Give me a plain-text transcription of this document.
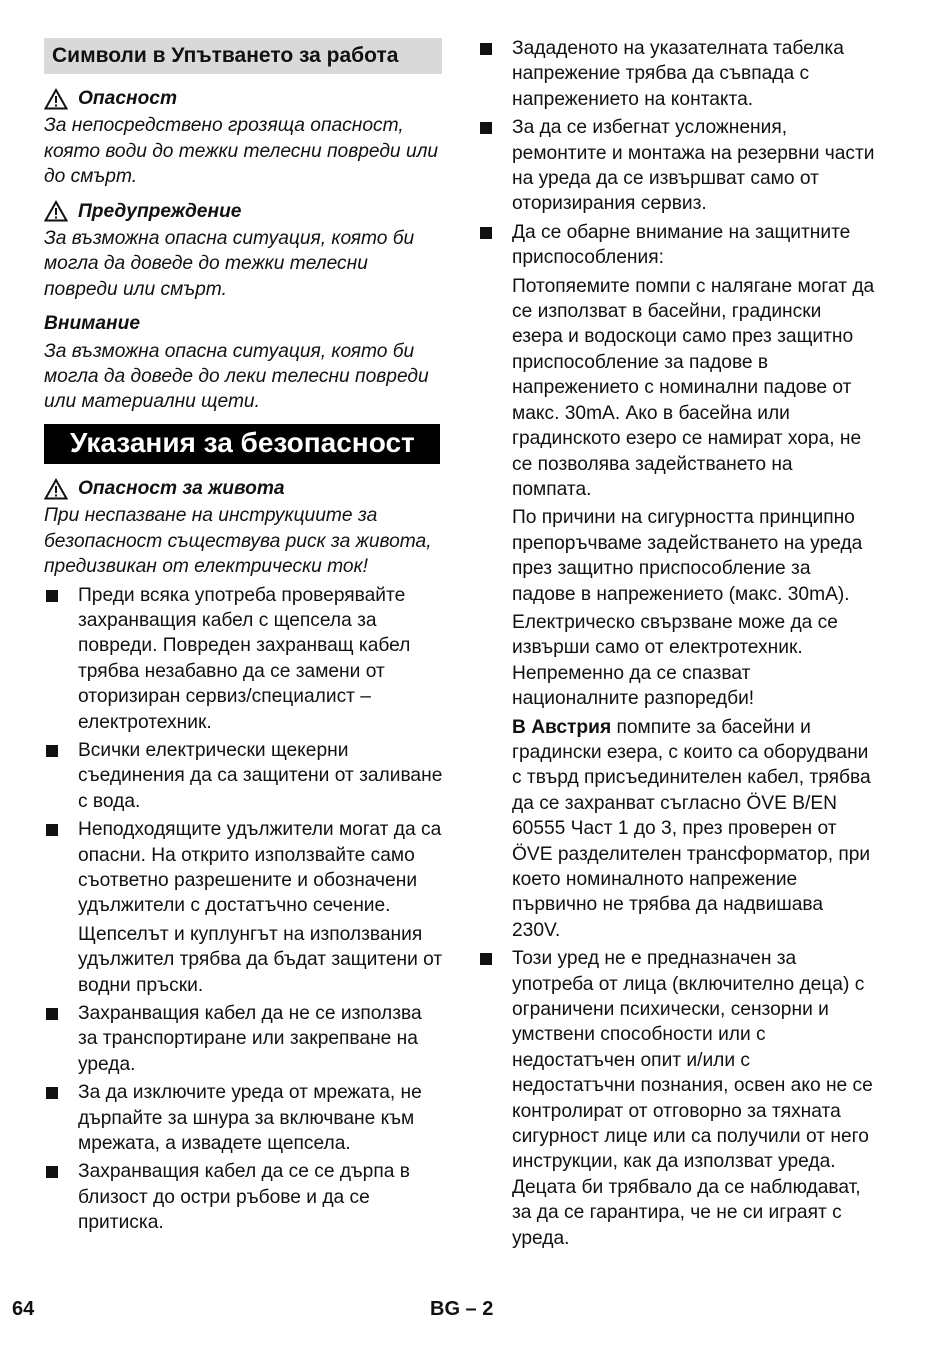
Символи в Упътването за работа
Опасност

За непосредствено грозяща опасност, която води до тежки телесни повреди или до смърт.

Предупреждение

За възможна опасна ситуация, която би могла да доведе до тежки телесни повреди или смърт.

Внимание

За възможна опасна ситуация, която би могла да доведе до леки телесни повреди или материални щети.

Указания за безопасност
Опасност за живота

При неспазване на инструкциите за безопасност съществува риск за живота, предизвикан от електрически ток!

Преди всяка употреба проверявайте захранващия кабел с щепсела за повреди. Повреден захранващ кабел трябва незабавно да се замени от оторизиран сервиз/специалист – електротехник.
Всички електрически щекерни съединения да са защитени от заливане с вода.
Неподходящите удължители могат да са опасни. На открито използвайте само съответно разрешените и обозначени удължители с достатъчно сечение.

Щепселът и куплунгът на използвания удължител трябва да бъдат защитени от водни пръски.

Захранващия кабел да не се използва за транспортиране или закрепване на уреда.
За да изключите уреда от мрежата, не дърпайте за шнура за включване към мрежата, а извадете щепсела.
Захранващия кабел да се се дърпа в близост до остри ръбове и да се притиска.
Зададеното на указателната табелка напрежение трябва да съвпада с напрежението на контакта.
За да се избегнат усложнения, ремонтите и монтажа на резервни части на уреда да се извършват само от оторизирания сервиз.
Да се обарне внимание на защитните приспособления:

Потопяемите помпи с налягане могат да се използват в басейни, градински езера и водоскоци само през защитно приспособление за падове в напрежението с номинални падове от макс. 30mA. Ако в басейна или градинското езеро се намират хора, не се позволява задействането на помпата.

По причини на сигурността принципно препоръчваме задействането на уреда през защитно приспособление за падове в напрежението (макс. 30mA).

Електрическо свързване може да се извърши само от електротехник. Непременно да се спазват националните разпоредби!

В Австрия помпите за басейни и градински езера, с които са оборудвани с твърд присъединителен кабел, трябва да се захранват съгласно ÖVE B/EN 60555 Част 1 до 3, през проверен от ÖVE разделителен трансформатор, при което номиналното напрежение първично не трябва да надвишава 230V.

Този уред не е предназначен за употреба от лица (включително деца) с ограничени психически, сензорни и умствени способности или с недостатъчен опит и/или с недостатъчни познания, освен ако не се контролират от отговорно за тяхната сигурност лице или са получили от него инструкции, как да използват уреда. Децата би трябвало да се наблюдават, за да се гарантира, че не си играят с уреда.
64	BG – 2
